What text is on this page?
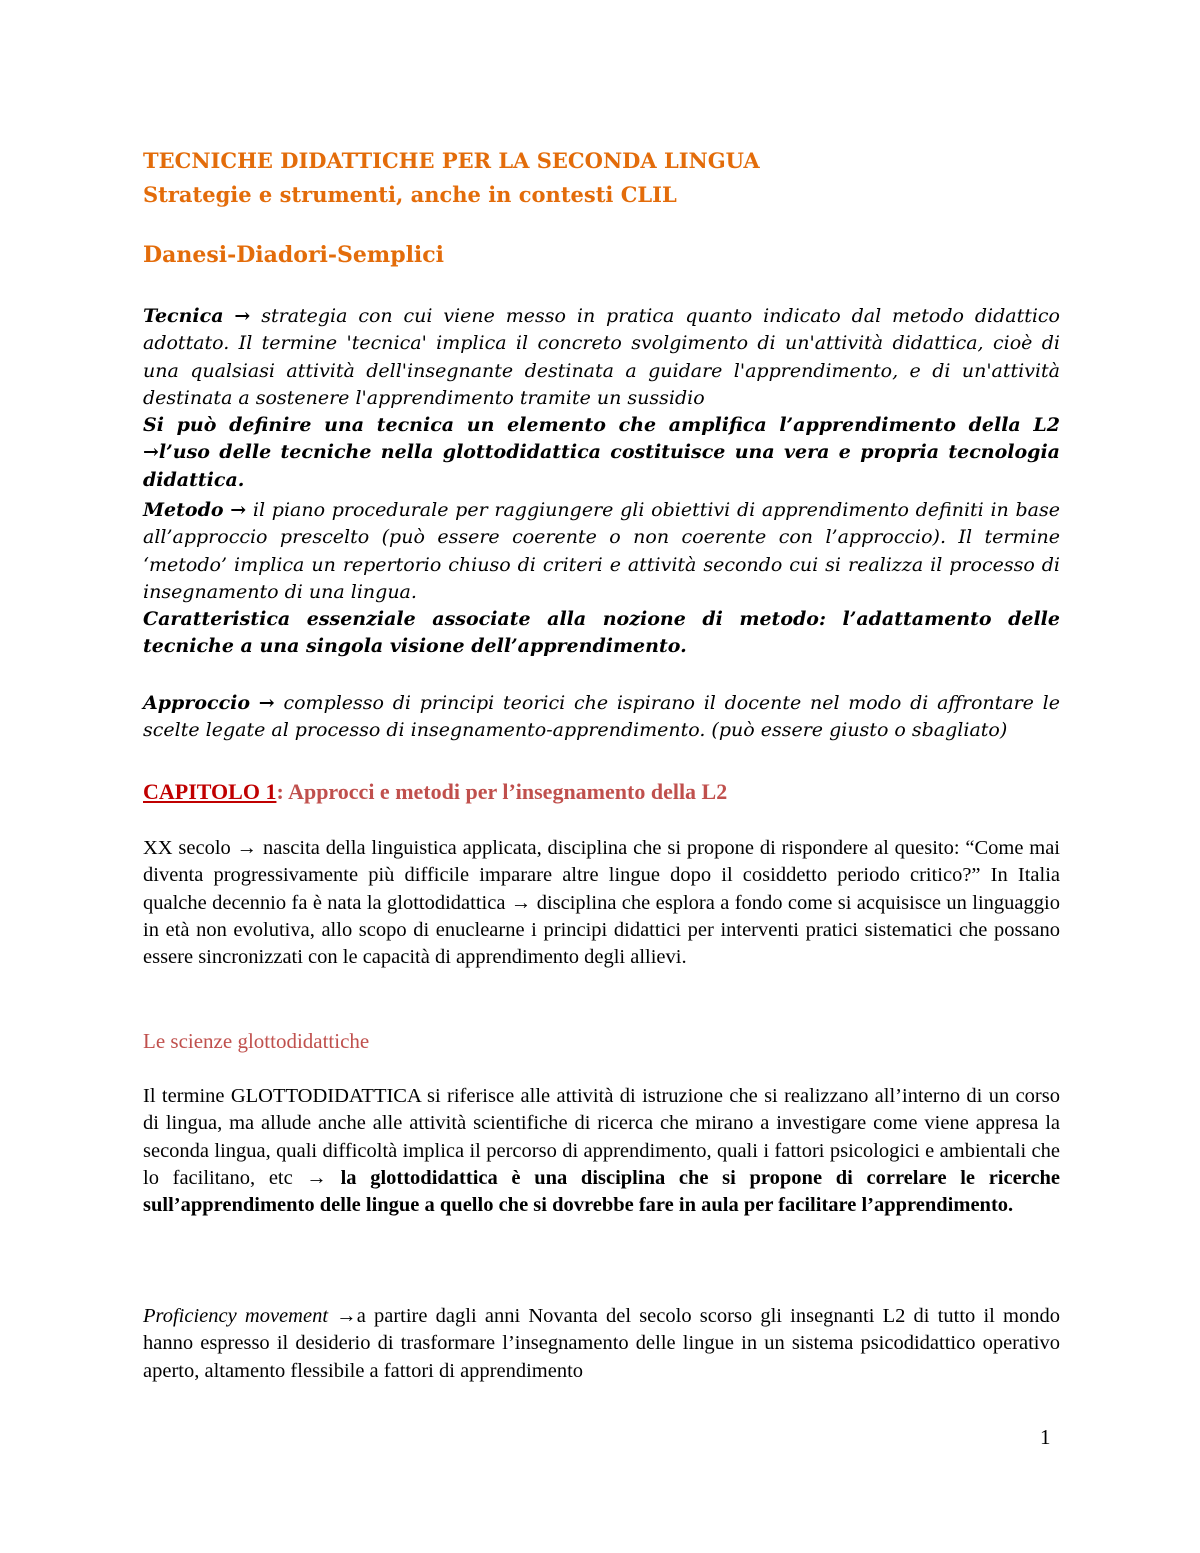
TECNICHE DIDATTICHE PER LA SECONDA LINGUA
Strategie e strumenti, anche in contesti CLIL
Danesi-Diadori-Semplici
Tecnica → strategia con cui viene messo in pratica quanto indicato dal metodo didattico adottato. Il termine 'tecnica' implica il concreto svolgimento di un'attività didattica, cioè di una qualsiasi attività dell'insegnante destinata a guidare l'apprendimento, e di un'attività destinata a sostenere l'apprendimento tramite un sussidio
Si può definire una tecnica un elemento che amplifica l’apprendimento della L2 →l’uso delle tecniche nella glottodidattica costituisce una vera e propria tecnologia didattica.
Metodo → il piano procedurale per raggiungere gli obiettivi di apprendimento definiti in base all’approccio prescelto (può essere coerente o non coerente con l’approccio). Il termine ‘metodo’ implica un repertorio chiuso di criteri e attività secondo cui si realizza il processo di insegnamento di una lingua.
Caratteristica essenziale associate alla nozione di metodo: l’adattamento delle tecniche a una singola visione dell’apprendimento.
Approccio → complesso di principi teorici che ispirano il docente nel modo di affrontare le scelte legate al processo di insegnamento-apprendimento. (può essere giusto o sbagliato)
CAPITOLO 1: Approcci e metodi per l’insegnamento della L2
XX secolo → nascita della linguistica applicata, disciplina che si propone di rispondere al quesito: “Come mai diventa progressivamente più difficile imparare altre lingue dopo il cosiddetto periodo critico?” In Italia qualche decennio fa è nata la glottodidattica → disciplina che esplora a fondo come si acquisisce un linguaggio in età non evolutiva, allo scopo di enuclearne i principi didattici per interventi pratici sistematici che possano essere sincronizzati con le capacità di apprendimento degli allievi.
Le scienze glottodidattiche
Il termine GLOTTODIDATTICA si riferisce alle attività di istruzione che si realizzano all’interno di un corso di lingua, ma allude anche alle attività scientifiche di ricerca che mirano a investigare come viene appresa la seconda lingua, quali difficoltà implica il percorso di apprendimento, quali i fattori psicologici e ambientali che lo facilitano, etc → la glottodidattica è una disciplina che si propone di correlare le ricerche sull’apprendimento delle lingue a quello che si dovrebbe fare in aula per facilitare l’apprendimento.
Proficiency movement →a partire dagli anni Novanta del secolo scorso gli insegnanti L2 di tutto il mondo hanno espresso il desiderio di trasformare l’insegnamento delle lingue in un sistema psicodidattico operativo aperto, altamento flessibile a fattori di apprendimento
1
